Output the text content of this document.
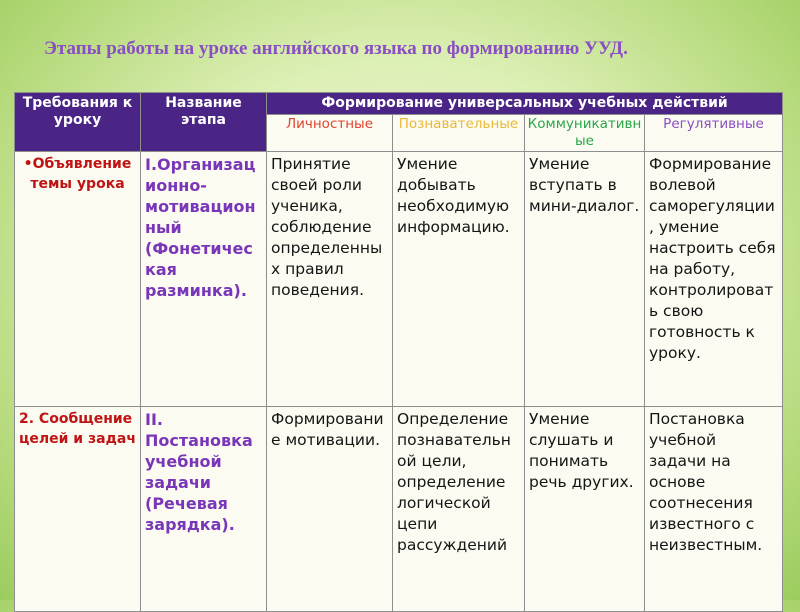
Этапы работы на уроке английского языка по формированию УУД.
Требования к уроку	Название этапа	Формирование универсальных учебных действий			
		Личностные	Познавательные	Коммуникативные	Регулятивные
•Объявление темы урока	I.Организационно-мотивационный (Фонетическая разминка).	Принятие своей роли ученика, соблюдение определенных правил поведения.	Умение добывать необходимую информацию.	Умение вступать в мини-диалог.	Формирование волевой саморегуляции, умение настроить себя на работу, контролировать свою готовность к уроку.
2. Сообщение целей и задач	II. Постановка учебной задачи (Речевая зарядка).	Формирование мотивации.	Определение познавательной цели, определение логической цепи рассуждений	Умение слушать и понимать речь других.	Постановка учебной задачи на основе соотнесения известного с неизвестным.
